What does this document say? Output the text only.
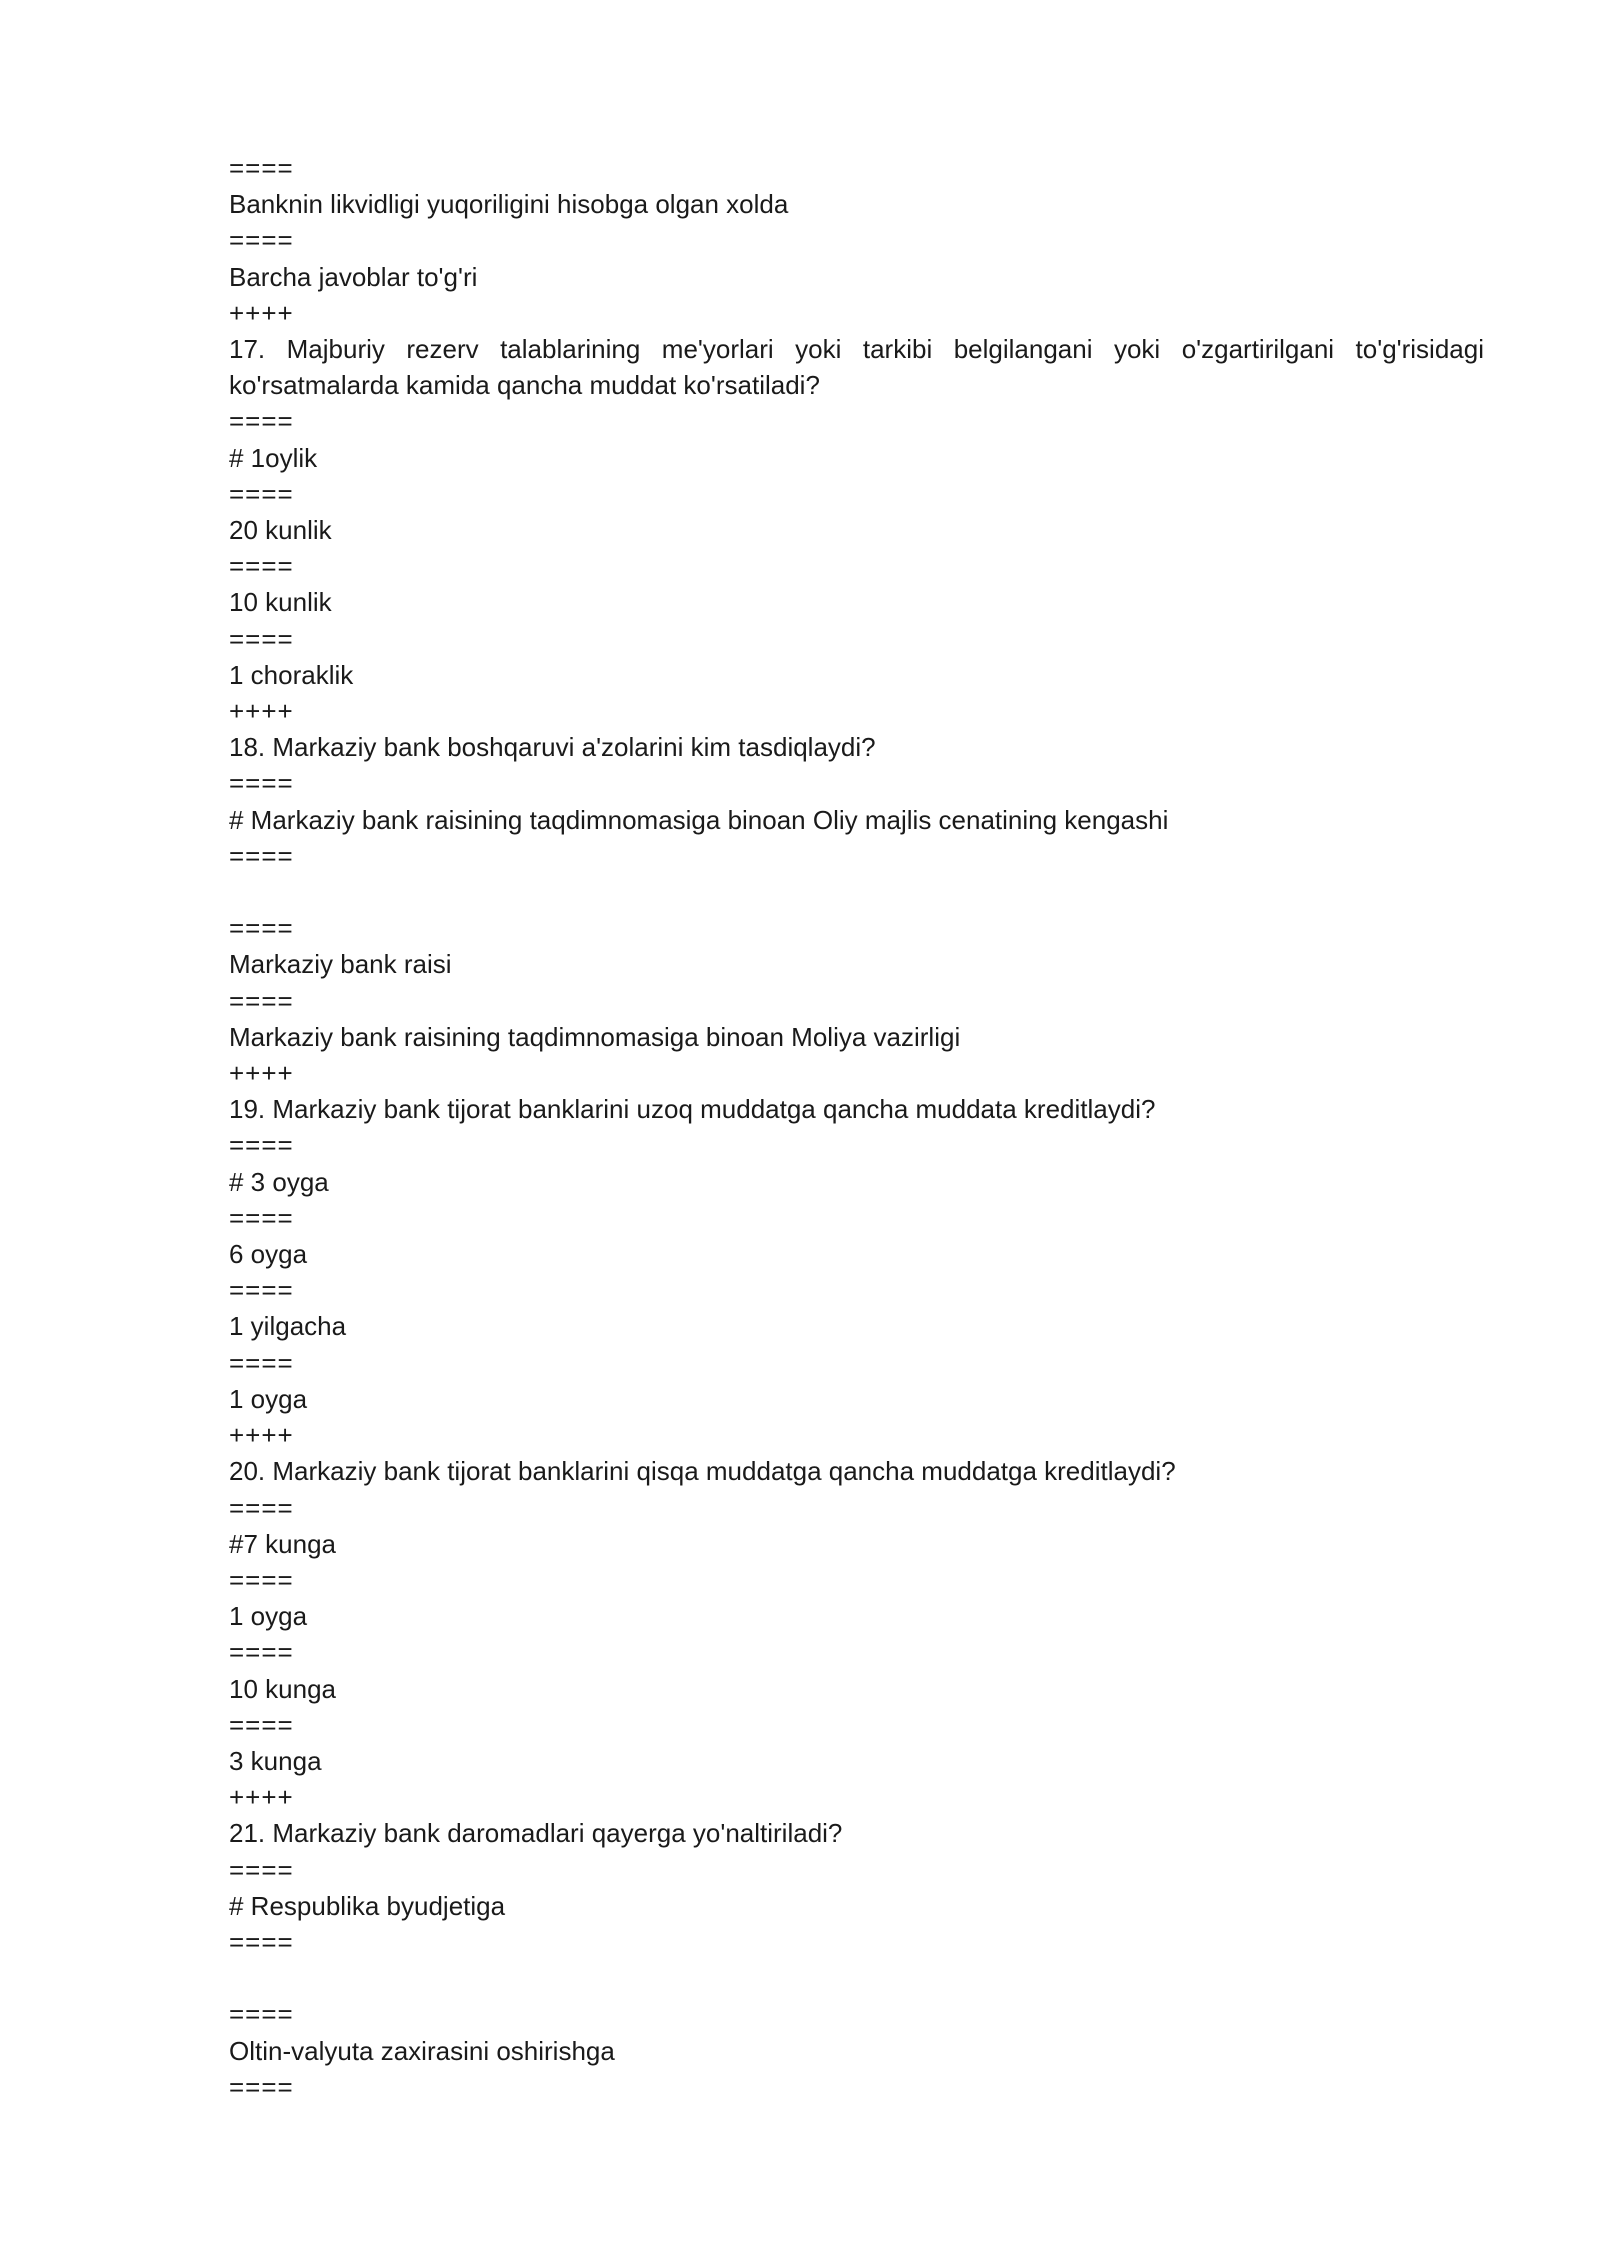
====

Banknin likvidligi yuqoriligini hisobga olgan xolda

====

Barcha javoblar to'g'ri

++++

17. Majburiy rezerv talablarining me'yorlari yoki tarkibi belgilangani yoki o'zgartirilgani to'g'risidagi ko'rsatmalarda kamida qancha muddat ko'rsatiladi?

====

# 1oylik

====

20 kunlik

====

10 kunlik

====

1 choraklik

++++

18. Markaziy bank boshqaruvi a'zolarini kim tasdiqlaydi?

====

# Markaziy bank raisining taqdimnomasiga binoan Oliy majlis cenatining kengashi

====

====

Markaziy bank raisi

====

Markaziy bank raisining taqdimnomasiga binoan Moliya vazirligi

++++

19. Markaziy bank tijorat banklarini uzoq muddatga qancha muddata kreditlaydi?

====

# 3 oyga

====

6 oyga

====

1 yilgacha

====

1 oyga

++++

20. Markaziy bank tijorat banklarini qisqa muddatga qancha muddatga kreditlaydi?

====

#7 kunga

====

1 oyga

====

10 kunga

====

3 kunga

++++

21. Markaziy bank daromadlari qayerga yo'naltiriladi?

====

# Respublika byudjetiga

====

====

Oltin-valyuta zaxirasini oshirishga

====
